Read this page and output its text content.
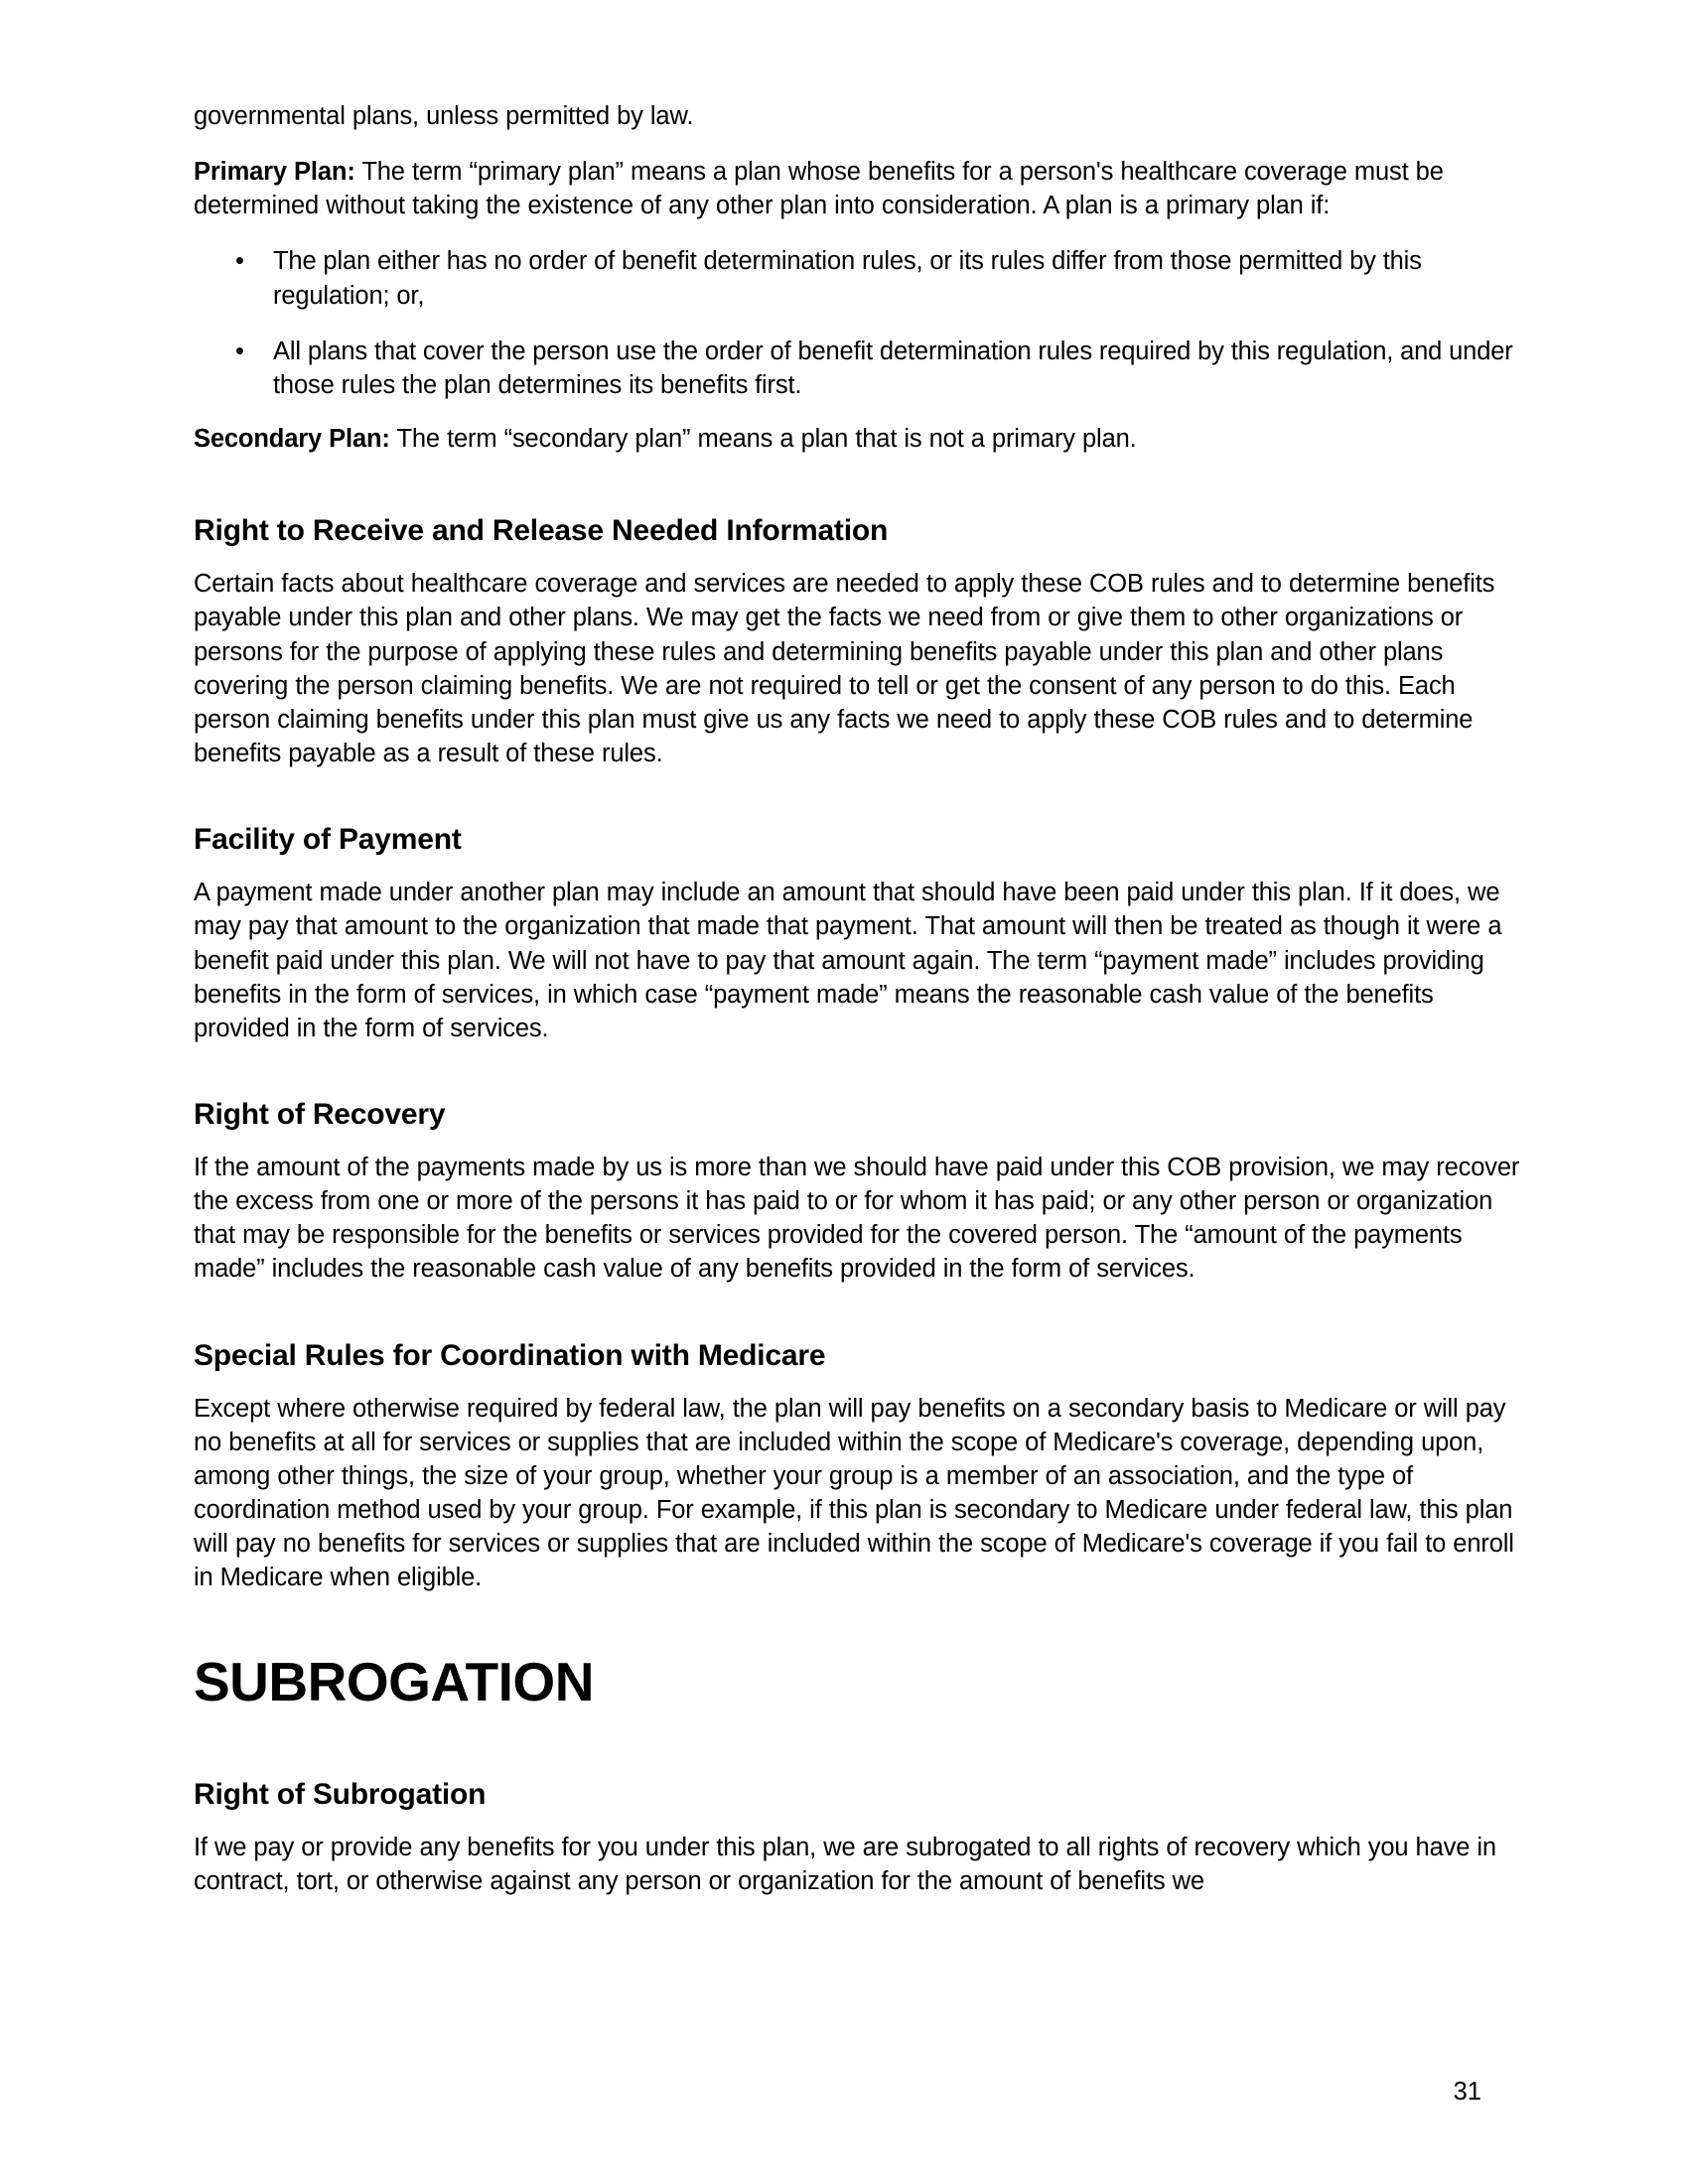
governmental plans, unless permitted by law.

Primary Plan: The term “primary plan” means a plan whose benefits for a person's healthcare coverage must be determined without taking the existence of any other plan into consideration. A plan is a primary plan if:

• The plan either has no order of benefit determination rules, or its rules differ from those permitted by this regulation; or,
• All plans that cover the person use the order of benefit determination rules required by this regulation, and under those rules the plan determines its benefits first.

Secondary Plan: The term “secondary plan” means a plan that is not a primary plan.

Right to Receive and Release Needed Information

Certain facts about healthcare coverage and services are needed to apply these COB rules and to determine benefits payable under this plan and other plans. We may get the facts we need from or give them to other organizations or persons for the purpose of applying these rules and determining benefits payable under this plan and other plans covering the person claiming benefits. We are not required to tell or get the consent of any person to do this. Each person claiming benefits under this plan must give us any facts we need to apply these COB rules and to determine benefits payable as a result of these rules.

Facility of Payment

A payment made under another plan may include an amount that should have been paid under this plan. If it does, we may pay that amount to the organization that made that payment. That amount will then be treated as though it were a benefit paid under this plan. We will not have to pay that amount again. The term “payment made” includes providing benefits in the form of services, in which case “payment made” means the reasonable cash value of the benefits provided in the form of services.

Right of Recovery

If the amount of the payments made by us is more than we should have paid under this COB provision, we may recover the excess from one or more of the persons it has paid to or for whom it has paid; or any other person or organization that may be responsible for the benefits or services provided for the covered person. The “amount of the payments made” includes the reasonable cash value of any benefits provided in the form of services.

Special Rules for Coordination with Medicare

Except where otherwise required by federal law, the plan will pay benefits on a secondary basis to Medicare or will pay no benefits at all for services or supplies that are included within the scope of Medicare's coverage, depending upon, among other things, the size of your group, whether your group is a member of an association, and the type of coordination method used by your group. For example, if this plan is secondary to Medicare under federal law, this plan will pay no benefits for services or supplies that are included within the scope of Medicare's coverage if you fail to enroll in Medicare when eligible.

SUBROGATION
Right of Subrogation

If we pay or provide any benefits for you under this plan, we are subrogated to all rights of recovery which you have in contract, tort, or otherwise against any person or organization for the amount of benefits we

31
